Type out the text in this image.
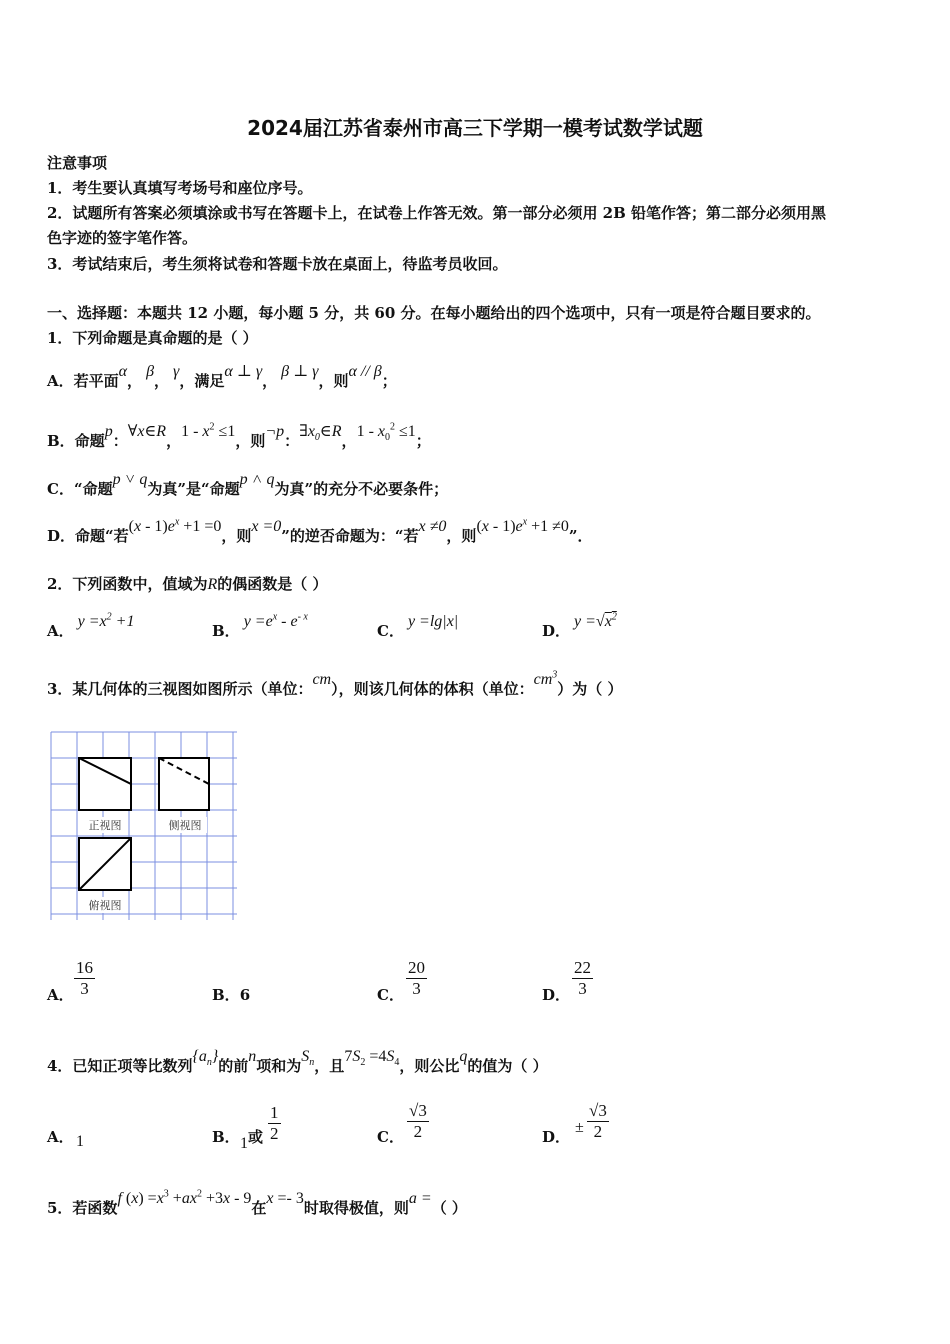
2024届江苏省泰州市高三下学期一模考试数学试题
注意事项
1．考生要认真填写考场号和座位序号。
2．试题所有答案必须填涂或书写在答题卡上，在试卷上作答无效。第一部分必须用 2B 铅笔作答；第二部分必须用黑
色字迹的签字笔作答。
3．考试结束后，考生须将试卷和答题卡放在桌面上，待监考员收回。
一、选择题：本题共 12 小题，每小题 5 分，共 60 分。在每小题给出的四个选项中，只有一项是符合题目要求的。
1．下列命题是真命题的是（ ）
A．若平面α， β， γ，满足α ⊥ γ， β ⊥ γ，则α // β；
B．命题p：∀x∈R，$1 - x^2 \le 1$，则¬p：$\exists x_0\in R$，$1 - x_0^2 \le 1$；
C．“命题p ˅ q为真”是“命题p ˄ q为真”的充分不必要条件；
D．命题“若$(x - 1)e^x +1 =0$，则x =0”的逆否命题为：“若x ≠0，则$(x - 1)e^x +1 \ne 0$”．
2．下列函数中，值域为R的偶函数是（ ）
A． $y =x^2 +1$
B． $y =e^x - e^{- x}$
C． y =lg|x|
D． $y =√x^2$
3．某几何体的三视图如图所示（单位：cm），则该几何体的体积（单位：$cm^3$）为（ ）
正视图	侧视图
俯视图
A． $\frac{16}{3}$	B．6	C． $\frac{20}{3}$	D． $\frac{22}{3}$
4．已知正项等比数列$\{a_n\}$的前n项和为$S_n$，且$7S_2 =4S_4$，则公比q的值为（ ）
A． 1	B． 1或 $\frac{1}{2}$	C． $\frac{√3}{2}$	D．
± $\frac{√3}{2}$
5．若函数f $(x) =x^3 +ax^2 +3x - 9$在x =- 3时取得极值，则a =（ ）
